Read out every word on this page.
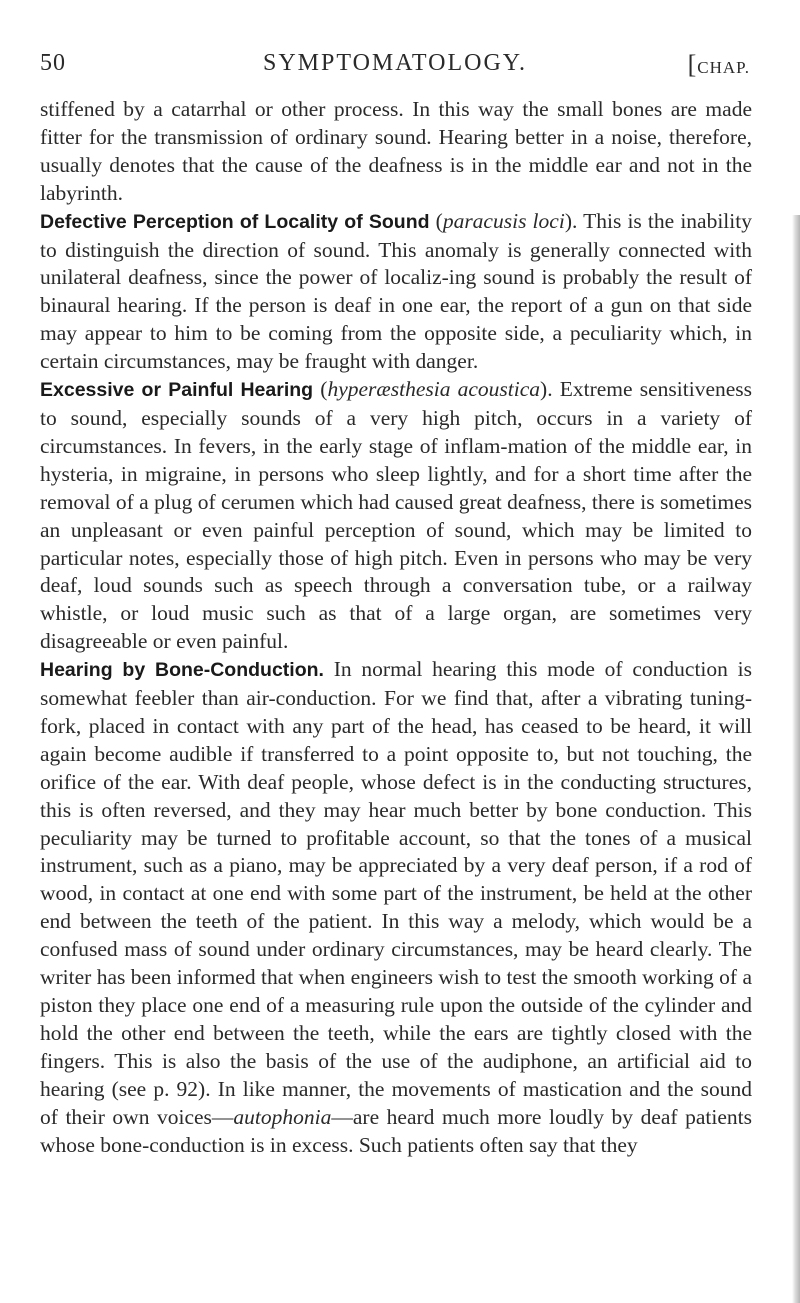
50	SYMPTOMATOLOGY.	[CHAP.

stiffened by a catarrhal or other process. In this way the small bones are made fitter for the transmission of ordinary sound. Hearing better in a noise, therefore, usually denotes that the cause of the deafness is in the middle ear and not in the labyrinth.

Defective Perception of Locality of Sound (paracusis loci). This is the inability to distinguish the direction of sound. This anomaly is generally connected with unilateral deafness, since the power of localiz-ing sound is probably the result of binaural hearing. If the person is deaf in one ear, the report of a gun on that side may appear to him to be coming from the opposite side, a peculiarity which, in certain circumstances, may be fraught with danger.

Excessive or Painful Hearing (hyperæsthesia acoustica). Extreme sensitiveness to sound, especially sounds of a very high pitch, occurs in a variety of circumstances. In fevers, in the early stage of inflam-mation of the middle ear, in hysteria, in migraine, in persons who sleep lightly, and for a short time after the removal of a plug of cerumen which had caused great deafness, there is sometimes an unpleasant or even painful perception of sound, which may be limited to particular notes, especially those of high pitch. Even in persons who may be very deaf, loud sounds such as speech through a conversation tube, or a railway whistle, or loud music such as that of a large organ, are sometimes very disagreeable or even painful.

Hearing by Bone-Conduction. In normal hearing this mode of conduction is somewhat feebler than air-conduction. For we find that, after a vibrating tuning-fork, placed in contact with any part of the head, has ceased to be heard, it will again become audible if transferred to a point opposite to, but not touching, the orifice of the ear. With deaf people, whose defect is in the conducting structures, this is often reversed, and they may hear much better by bone conduction. This peculiarity may be turned to profitable account, so that the tones of a musical instrument, such as a piano, may be appreciated by a very deaf person, if a rod of wood, in contact at one end with some part of the instrument, be held at the other end between the teeth of the patient. In this way a melody, which would be a confused mass of sound under ordinary circumstances, may be heard clearly. The writer has been informed that when engineers wish to test the smooth working of a piston they place one end of a measuring rule upon the outside of the cylinder and hold the other end between the teeth, while the ears are tightly closed with the fingers. This is also the basis of the use of the audiphone, an artificial aid to hearing (see p. 92). In like manner, the movements of mastication and the sound of their own voices—autophonia—are heard much more loudly by deaf patients whose bone-conduction is in excess. Such patients often say that they
